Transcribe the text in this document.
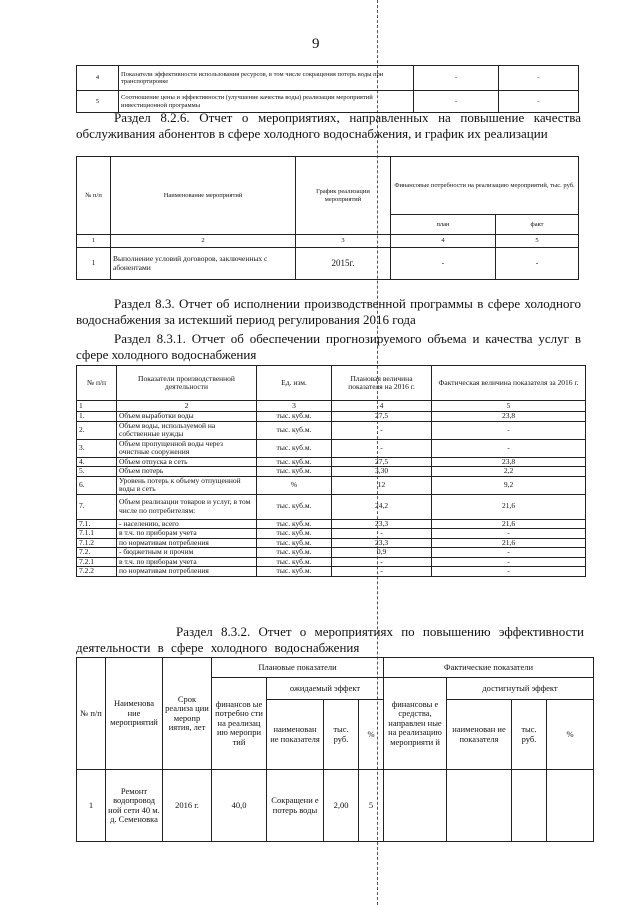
9
4	Показатели эффективности использования ресурсов, в том числе сокращения потерь воды при транспортировке	-	-
5	Соотношение цены и эффективности (улучшение качества воды) реализации мероприятий инвестиционной программы	-	-
Раздел 8.2.6. Отчет о мероприятиях, направленных на повышение качества обслуживания абонентов в сфере холодного водоснабжения, и график их реализации
№ п/п	Наименование мероприятий	График реализации мероприятий	Финансовые потребности на реализацию мероприятий, тыс. руб.	
			план	факт
1	2	3	4	5
1	Выполнение условий договоров, заключенных с абонентами	2015г.	-	-
Раздел 8.3. Отчет об исполнении производственной программы в сфере холодного водоснабжения за истекший период регулирования 2016 года
Раздел 8.3.1. Отчет об обеспечении прогнозируемого объема и качества услуг в сфере холодного водоснабжения
№ п/п	Показатели производственной деятельности	Ед. изм.	Плановая величина показателя на 2016 г.	Фактическая величина показателя за 2016 г.
1	2	3	4	5
1.	Объем выработки воды	тыс. куб.м.	27,5	23,8
2.	Объем воды, используемой на собственные нужды	тыс. куб.м.	-	-
3.	Объем пропущенной воды через очистные сооружения	тыс. куб.м.	-	-
4.	Объем отпуска в сеть	тыс. куб.м.	27,5	23,8
5.	Объем потерь	тыс. куб.м.	3,30	2,2
6.	Уровень потерь к объему отпущенной воды в сеть	%	12	9,2
7.	Объем реализации товаров и услуг, в том числе по потребителям:	тыс. куб.м.	24,2	21,6
7.1.	- населению, всего	тыс. куб.м.	23,3	21,6
7.1.1	в т.ч. по приборам учета	тыс. куб.м.	-	-
7.1.2	по нормативам потребления	тыс. куб.м.	23,3	21,6
7.2.	- бюджетным и прочим	тыс. куб.м.	0,9	-
7.2.1	в т.ч. по приборам учета	тыс. куб.м.	-	-
7.2.2	по нормативам потребления	тыс. куб.м.	-	-
Раздел 8.3.2. Отчет о мероприятиях по повышению эффективности деятельности в сфере холодного водоснабжения
№ п/п	Наименова ние мероприятий	Срок реализа ции меропр иятия, лет	Плановые показатели				Фактические показатели			
			финансов ые потребно сти на реализац ию меропри тий	ожидаемый эффект			финансовы е средства, направлен ные на реализацию мероприяти й	достигнутый эффект		
				наименован ие показателя	тыс. руб.	%		наименован ие показателя	тыс. руб.	%
1	Ремонт водопровод ной сети 40 м. д. Семеновка	2016 г.	40,0	Сокращени е потерь воды	2,00	5				
